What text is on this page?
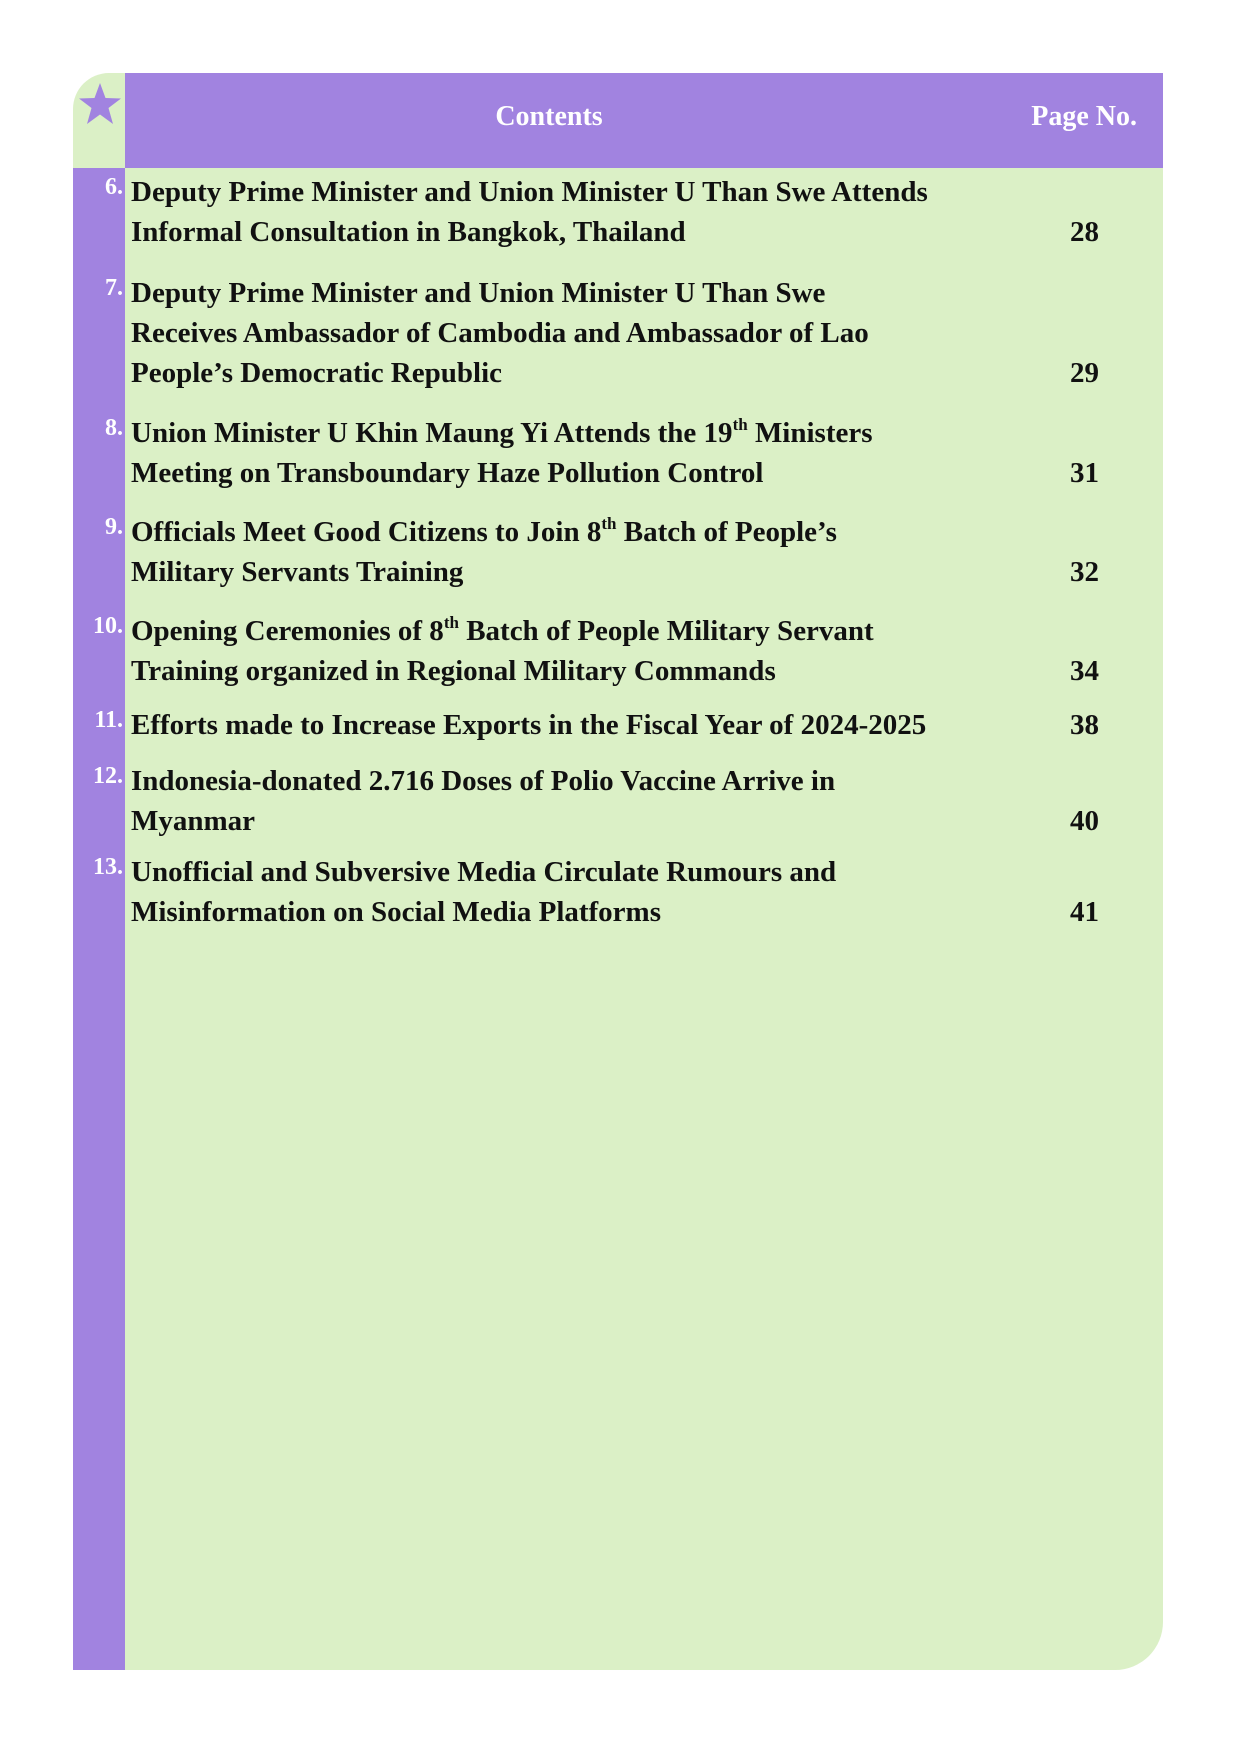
Contents	Page No.
6. Deputy Prime Minister and Union Minister U Than Swe Attends Informal Consultation in Bangkok, Thailand	28
7. Deputy Prime Minister and Union Minister U Than Swe Receives Ambassador of Cambodia and Ambassador of Lao People’s Democratic Republic	29
8. Union Minister U Khin Maung Yi Attends the 19th Ministers Meeting on Transboundary Haze Pollution Control	31
9. Officials Meet Good Citizens to Join 8th Batch of People’s Military Servants Training	32
10. Opening Ceremonies of 8th Batch of People Military Servant Training organized in Regional Military Commands	34
11. Efforts made to Increase Exports in the Fiscal Year of 2024-2025	38
12. Indonesia-donated 2.716 Doses of Polio Vaccine Arrive in Myanmar	40
13. Unofficial and Subversive Media Circulate Rumours and Misinformation on Social Media Platforms	41
